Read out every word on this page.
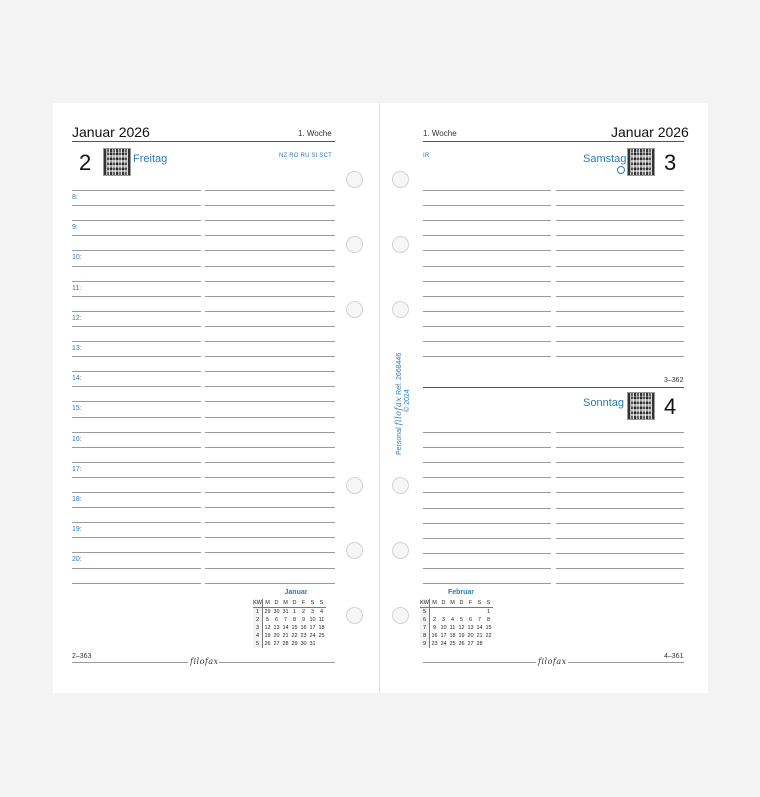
Januar 2026	1. Woche
2	Freitag	NZ RO RU SI SCT
8:
9:
10:
11:
12:
13:
14:
15:
16:
17:
18:
19:
20:
Januar
KW	M	D	M	D	F	S	S
1	29	30	31	1	2	3	4
2	5	6	7	8	9	10	11
3	12	13	14	15	16	17	18
4	19	20	21	22	23	24	25
5	26	27	28	29	30	31	
2–363
filofax
1. Woche	Januar 2026
IR	Samstag 3
3–362
Sonntag 4
Februar
KW	M	D	M	D	F	S	S
5							1
6	2	3	4	5	6	7	8
7	9	10	11	12	13	14	15
8	16	17	18	19	20	21	22
9	23	24	25	26	27	28	
filofax
4–361
Personal filofax Ref. 2668446
© 2024
